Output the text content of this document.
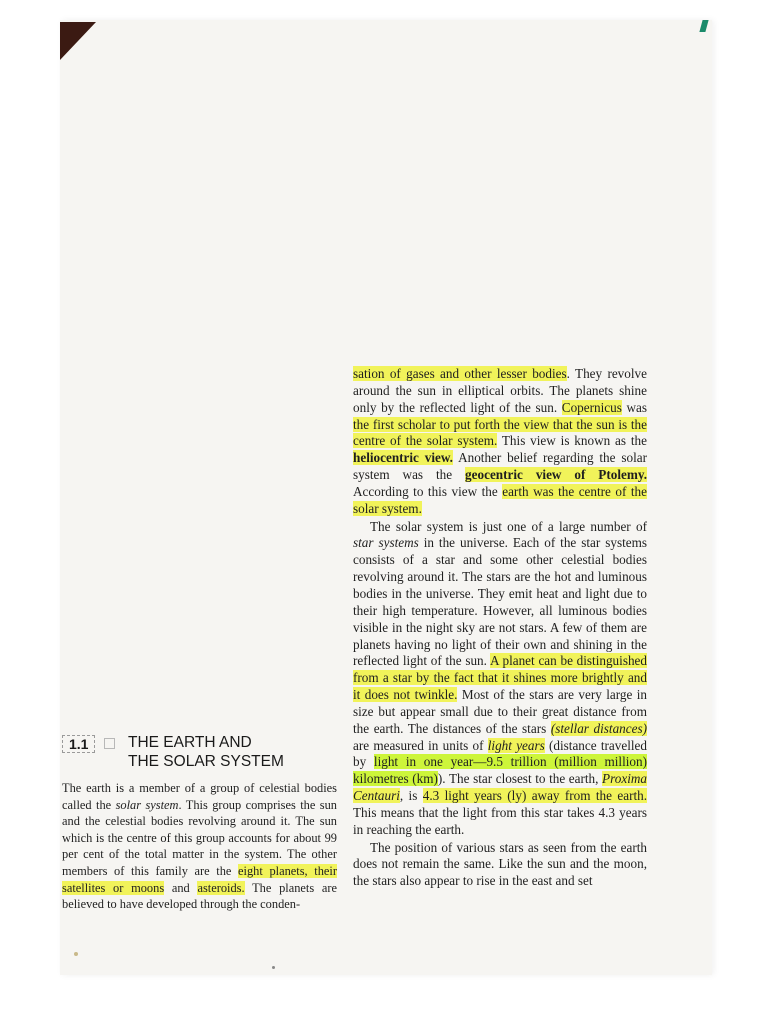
sation of gases and other lesser bodies. They revolve around the sun in elliptical orbits. The planets shine only by the reflected light of the sun. Copernicus was the first scholar to put forth the view that the sun is the centre of the solar system. This view is known as the heliocentric view. Another belief regarding the solar system was the geocentric view of Ptolemy. According to this view the earth was the centre of the solar system.

The solar system is just one of a large number of star systems in the universe. Each of the star systems consists of a star and some other celestial bodies revolving around it. The stars are the hot and luminous bodies in the universe. They emit heat and light due to their high temperature. However, all luminous bodies visible in the night sky are not stars. A few of them are planets having no light of their own and shining in the reflected light of the sun. A planet can be distinguished from a star by the fact that it shines more brightly and it does not twinkle. Most of the stars are very large in size but appear small due to their great distance from the earth. The distances of the stars (stellar distances) are measured in units of light years (distance travelled by light in one year—9.5 trillion (million million) kilometres (km)). The star closest to the earth, Proxima Centauri, is 4.3 light years (ly) away from the earth. This means that the light from this star takes 4.3 years in reaching the earth.

The position of various stars as seen from the earth does not remain the same. Like the sun and the moon, the stars also appear to rise in the east and set

1.1	THE EARTH AND
THE SOLAR SYSTEM

The earth is a member of a group of celestial bodies called the solar system. This group comprises the sun and the celestial bodies revolving around it. The sun which is the centre of this group accounts for about 99 per cent of the total matter in the system. The other members of this family are the eight planets, their satellites or moons and asteroids. The planets are believed to have developed through the conden-
